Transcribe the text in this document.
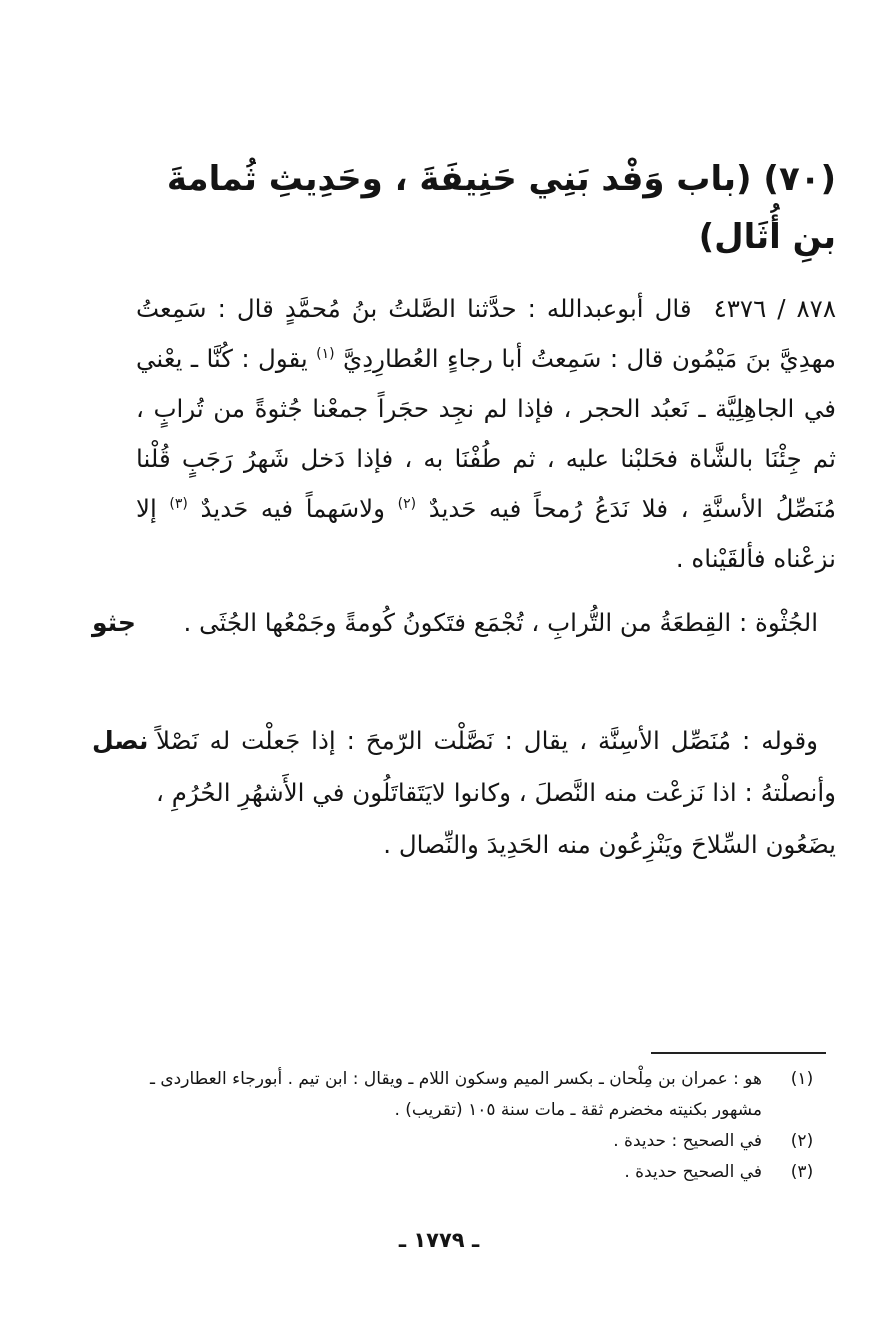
(٧٠) (باب وَفْد بَنِي حَنِيفَةَ ، وحَدِيثِ ثُمامةَ بنِ أُثَال)

٨٧٨ / ٤٣٧٦  قال أبوعبدالله : حدَّثنا الصَّلتُ بنُ مُحمَّدٍ قال : سَمِعتُ مهدِيَّ بنَ مَيْمُون قال : سَمِعتُ أبا رجاءٍ العُطارِدِيَّ $^{(١)}$ يقول : كُنَّا ـ يعْني في الجاهِلِيَّة ـ نَعبُد الحجر ، فإذا لم نجِد حجَراً جمعْنا جُثوةً من تُرابٍ ، ثم جِئْنَا بالشَّاة فحَلبْنا عليه ، ثم طُفْنَا به ، فإذا دَخل شَهرُ رَجَبٍ قُلْنا مُنَصِّلُ الأسنَّةِ ، فلا نَدَعُ رُمحاً فيه حَديدٌ $^{(٢)}$ ولاسَهماً فيه حَديدٌ $^{(٣)}$ إلا نزعْناه فألقَيْناه .

جثو	الجُثْوة : القِطعَةُ من التُّرابِ ، تُجْمَع فتَكونُ كُومةً وجَمْعُها الجُثَى .

نصل وقوله : مُنَصِّل الأسِنَّة ، يقال : نَصَّلْت الرّمحَ : إذا جَعلْت له نَصْلاً وأنصلْتهُ : اذا نَزعْت منه النَّصلَ ، وكانوا لايَتَقاتَلُون في الأَشهُرِ الحُرُمِ ، يضَعُون السِّلاحَ ويَنْزِعُون منه الحَدِيدَ والنِّصال .

(١)
هو : عمران بن مِلْحان ـ بكسر الميم وسكون اللام ـ ويقال : ابن تيم . أبورجاء العطاردى ـ مشهور بكنيته مخضرم ثقة ـ مات سنة ١٠٥ (تقريب) .
(٢)
في الصحيح : حديدة .
(٣)
في الصحيح حديدة .
ـ ١٧٧٩ ـ
